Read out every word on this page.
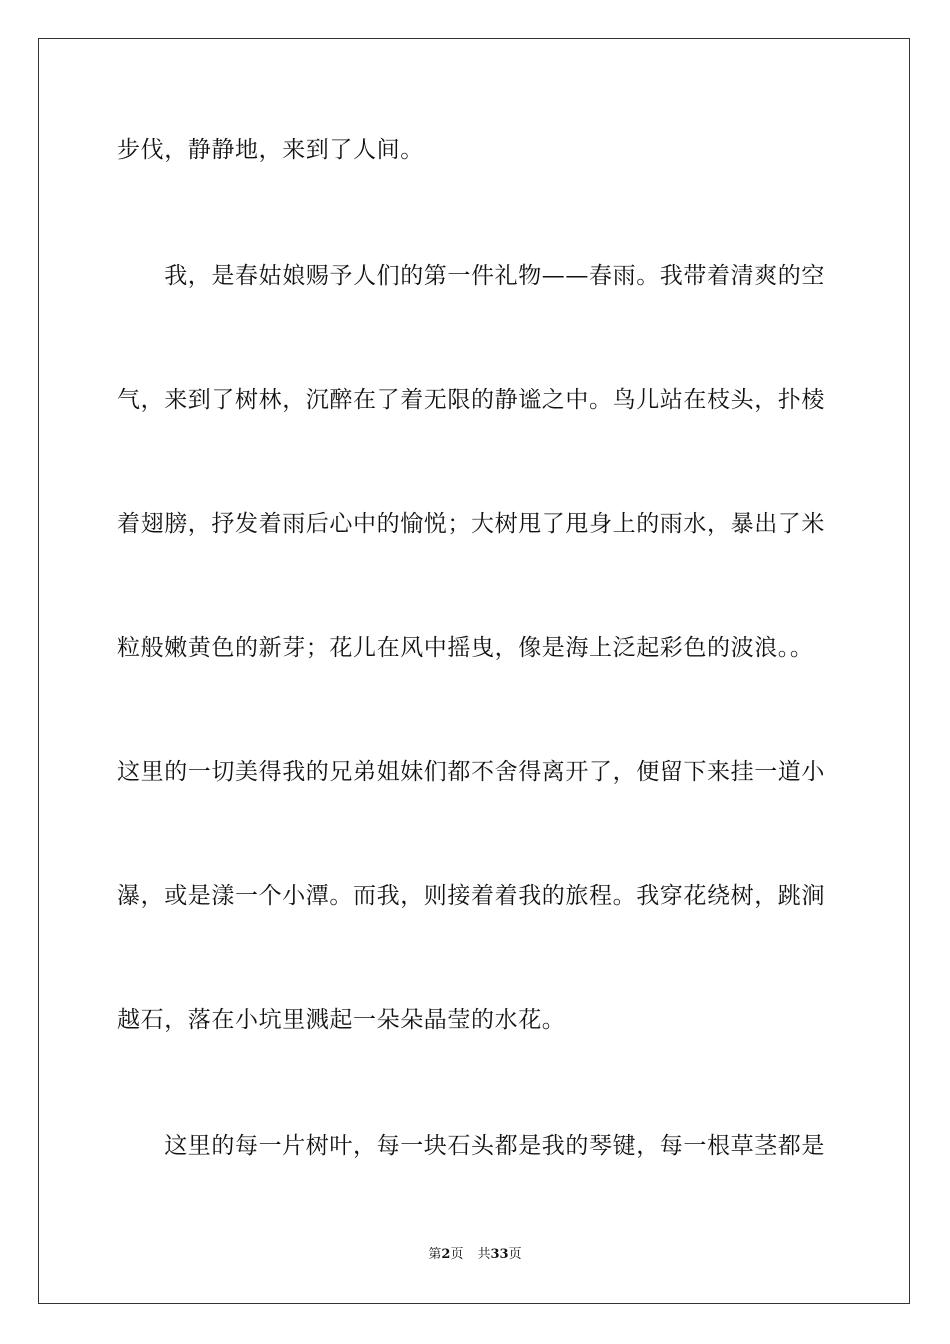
步伐，静静地，来到了人间。
　　我，是春姑娘赐予人们的第一件礼物——春雨。我带着清爽的空
气，来到了树林，沉醉在了着无限的静谧之中。鸟儿站在枝头，扑棱
着翅膀，抒发着雨后心中的愉悦；大树甩了甩身上的雨水，暴出了米
粒般嫩黄色的新芽；花儿在风中摇曳，像是海上泛起彩色的波浪。。
这里的一切美得我的兄弟姐妹们都不舍得离开了，便留下来挂一道小
瀑，或是漾一个小潭。而我，则接着着我的旅程。我穿花绕树，跳涧
越石，落在小坑里溅起一朵朵晶莹的水花。
　　这里的每一片树叶，每一块石头都是我的琴键，每一根草茎都是
第2页 共33页
